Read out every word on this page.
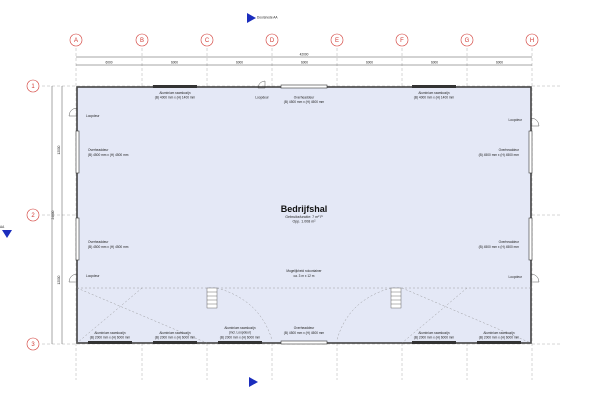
Doorsnede AA
AA
A	B	C	D	E	F	G	H
1
2
3
42000
6000	6000	6000	6000	6000	6000	6000
24000
12000
12000
Bedrijfshal
Gebruiksfunctie: 7 m² P
Opp. 1.008 m²
Mogelijkheid rolcontainer
ca. 3 m x 12 m
Aluminium raamkozijn
(B) 4000 mm x (H) 1400 mm	Loopdeur	Overheaddeur
(B) 4500 mm x (H) 4500 mm
Aluminium raamkozijn
(B) 4000 mm x (H) 1400 mm
Loopdeur
Overheaddeur
(B) 4500 mm x (H) 4500 mm
Overheaddeur
(B) 4500 mm x (H) 4500 mm
Loopdeur
Loopdeur
Overheaddeur
(B) 4500 mm x (H) 4500 mm
Overheaddeur
(B) 4500 mm x (H) 4500 mm
Loopdeur
Aluminium raamkozijn
(B) 2000 mm x (H) 6000 mm
Aluminium raamkozijn
(B) 2000 mm x (H) 6000 mm
Aluminium raamkozijn
(incl. Loopdeur)
(B) 2000 mm x (H) 6000 mm
Overheaddeur
(B) 4500 mm x (H) 4500 mm	Aluminium raamkozijn
(B) 2000 mm x (H) 6000 mm
Aluminium raamkozijn
(B) 2000 mm x (H) 6000 mm
